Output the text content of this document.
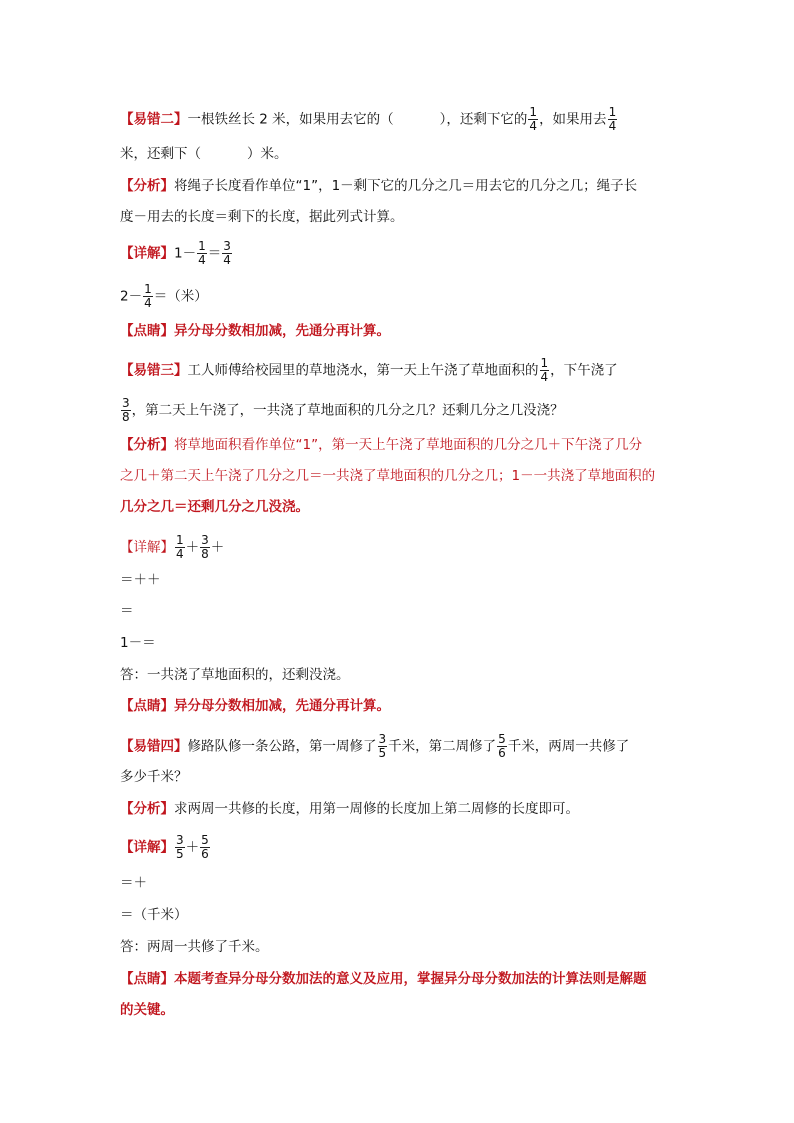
【易错二】一根铁丝长 2 米，如果用去它的（	），还剩下它的 $\frac{1}{4}$ ，如果用去 $\frac{1}{4}$
米，还剩下（	）米。
【分析】将绳子长度看作单位“1”，1－剩下它的几分之几＝用去它的几分之几；绳子长
度－用去的长度＝剩下的长度，据此列式计算。
【详解】$1- \frac{1}{4} = \frac{3}{4}$
$2- \frac{1}{4}$ ＝（米）
【点睛】异分母分数相加减，先通分再计算。
【易错三】工人师傅给校园里的草地浇水，第一天上午浇了草地面积的 $\frac{1}{4}$ ，下午浇了
$\frac{3}{8}$ ，第二天上午浇了，一共浇了草地面积的几分之几？还剩几分之几没浇？
【分析】将草地面积看作单位“1”，第一天上午浇了草地面积的几分之几＋下午浇了几分
之几＋第二天上午浇了几分之几＝一共浇了草地面积的几分之几；1－一共浇了草地面积的
几分之几＝还剩几分之几没浇。
【详解】 $\frac{1}{4} + \frac{3}{8}$ ＋
＝＋＋
＝
1－＝
答：一共浇了草地面积的，还剩没浇。
【点睛】异分母分数相加减，先通分再计算。
【易错四】修路队修一条公路，第一周修了 $\frac{3}{5}$ 千米，第二周修了 $\frac{5}{6}$ 千米，两周一共修了
多少千米？
【分析】求两周一共修的长度，用第一周修的长度加上第二周修的长度即可。
【详解】 $\frac{3}{5} + \frac{5}{6}$
＝＋
＝（千米）
答：两周一共修了千米。
【点睛】本题考查异分母分数加法的意义及应用，掌握异分母分数加法的计算法则是解题
的关键。
